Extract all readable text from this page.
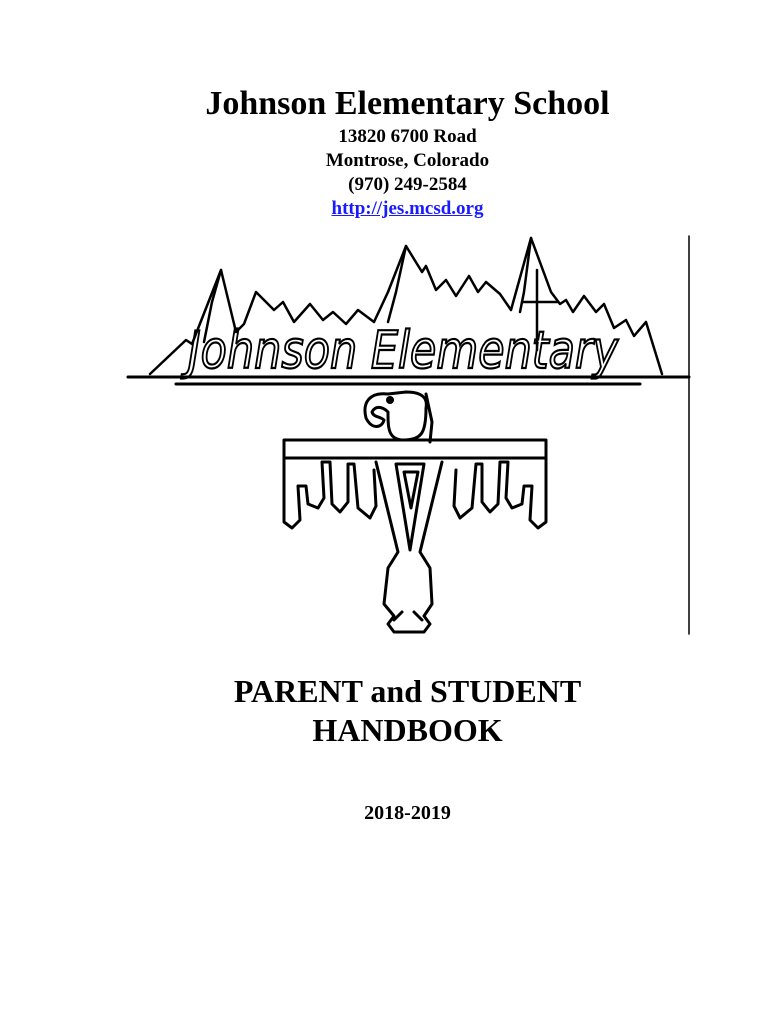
Johnson Elementary School
13820 6700 Road
Montrose, Colorado
(970) 249-2584
http://jes.mcsd.org
Johnson Elementary
PARENT and STUDENT
HANDBOOK
2018-2019
